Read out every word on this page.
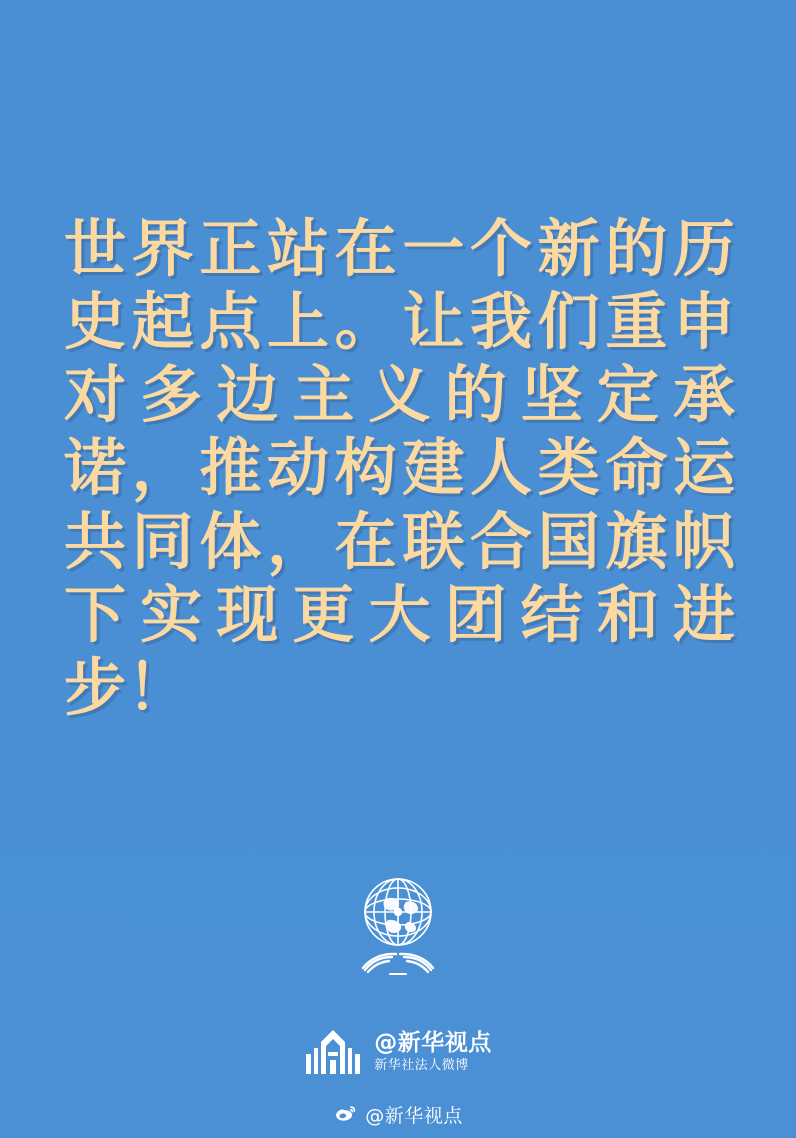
世界正站在一个新的历史起点上。让我们重申对多边主义的坚定承诺，推动构建人类命运共同体，在联合国旗帜下实现更大团结和进步！

@新华视点
新华社法人微博
@新华视点
